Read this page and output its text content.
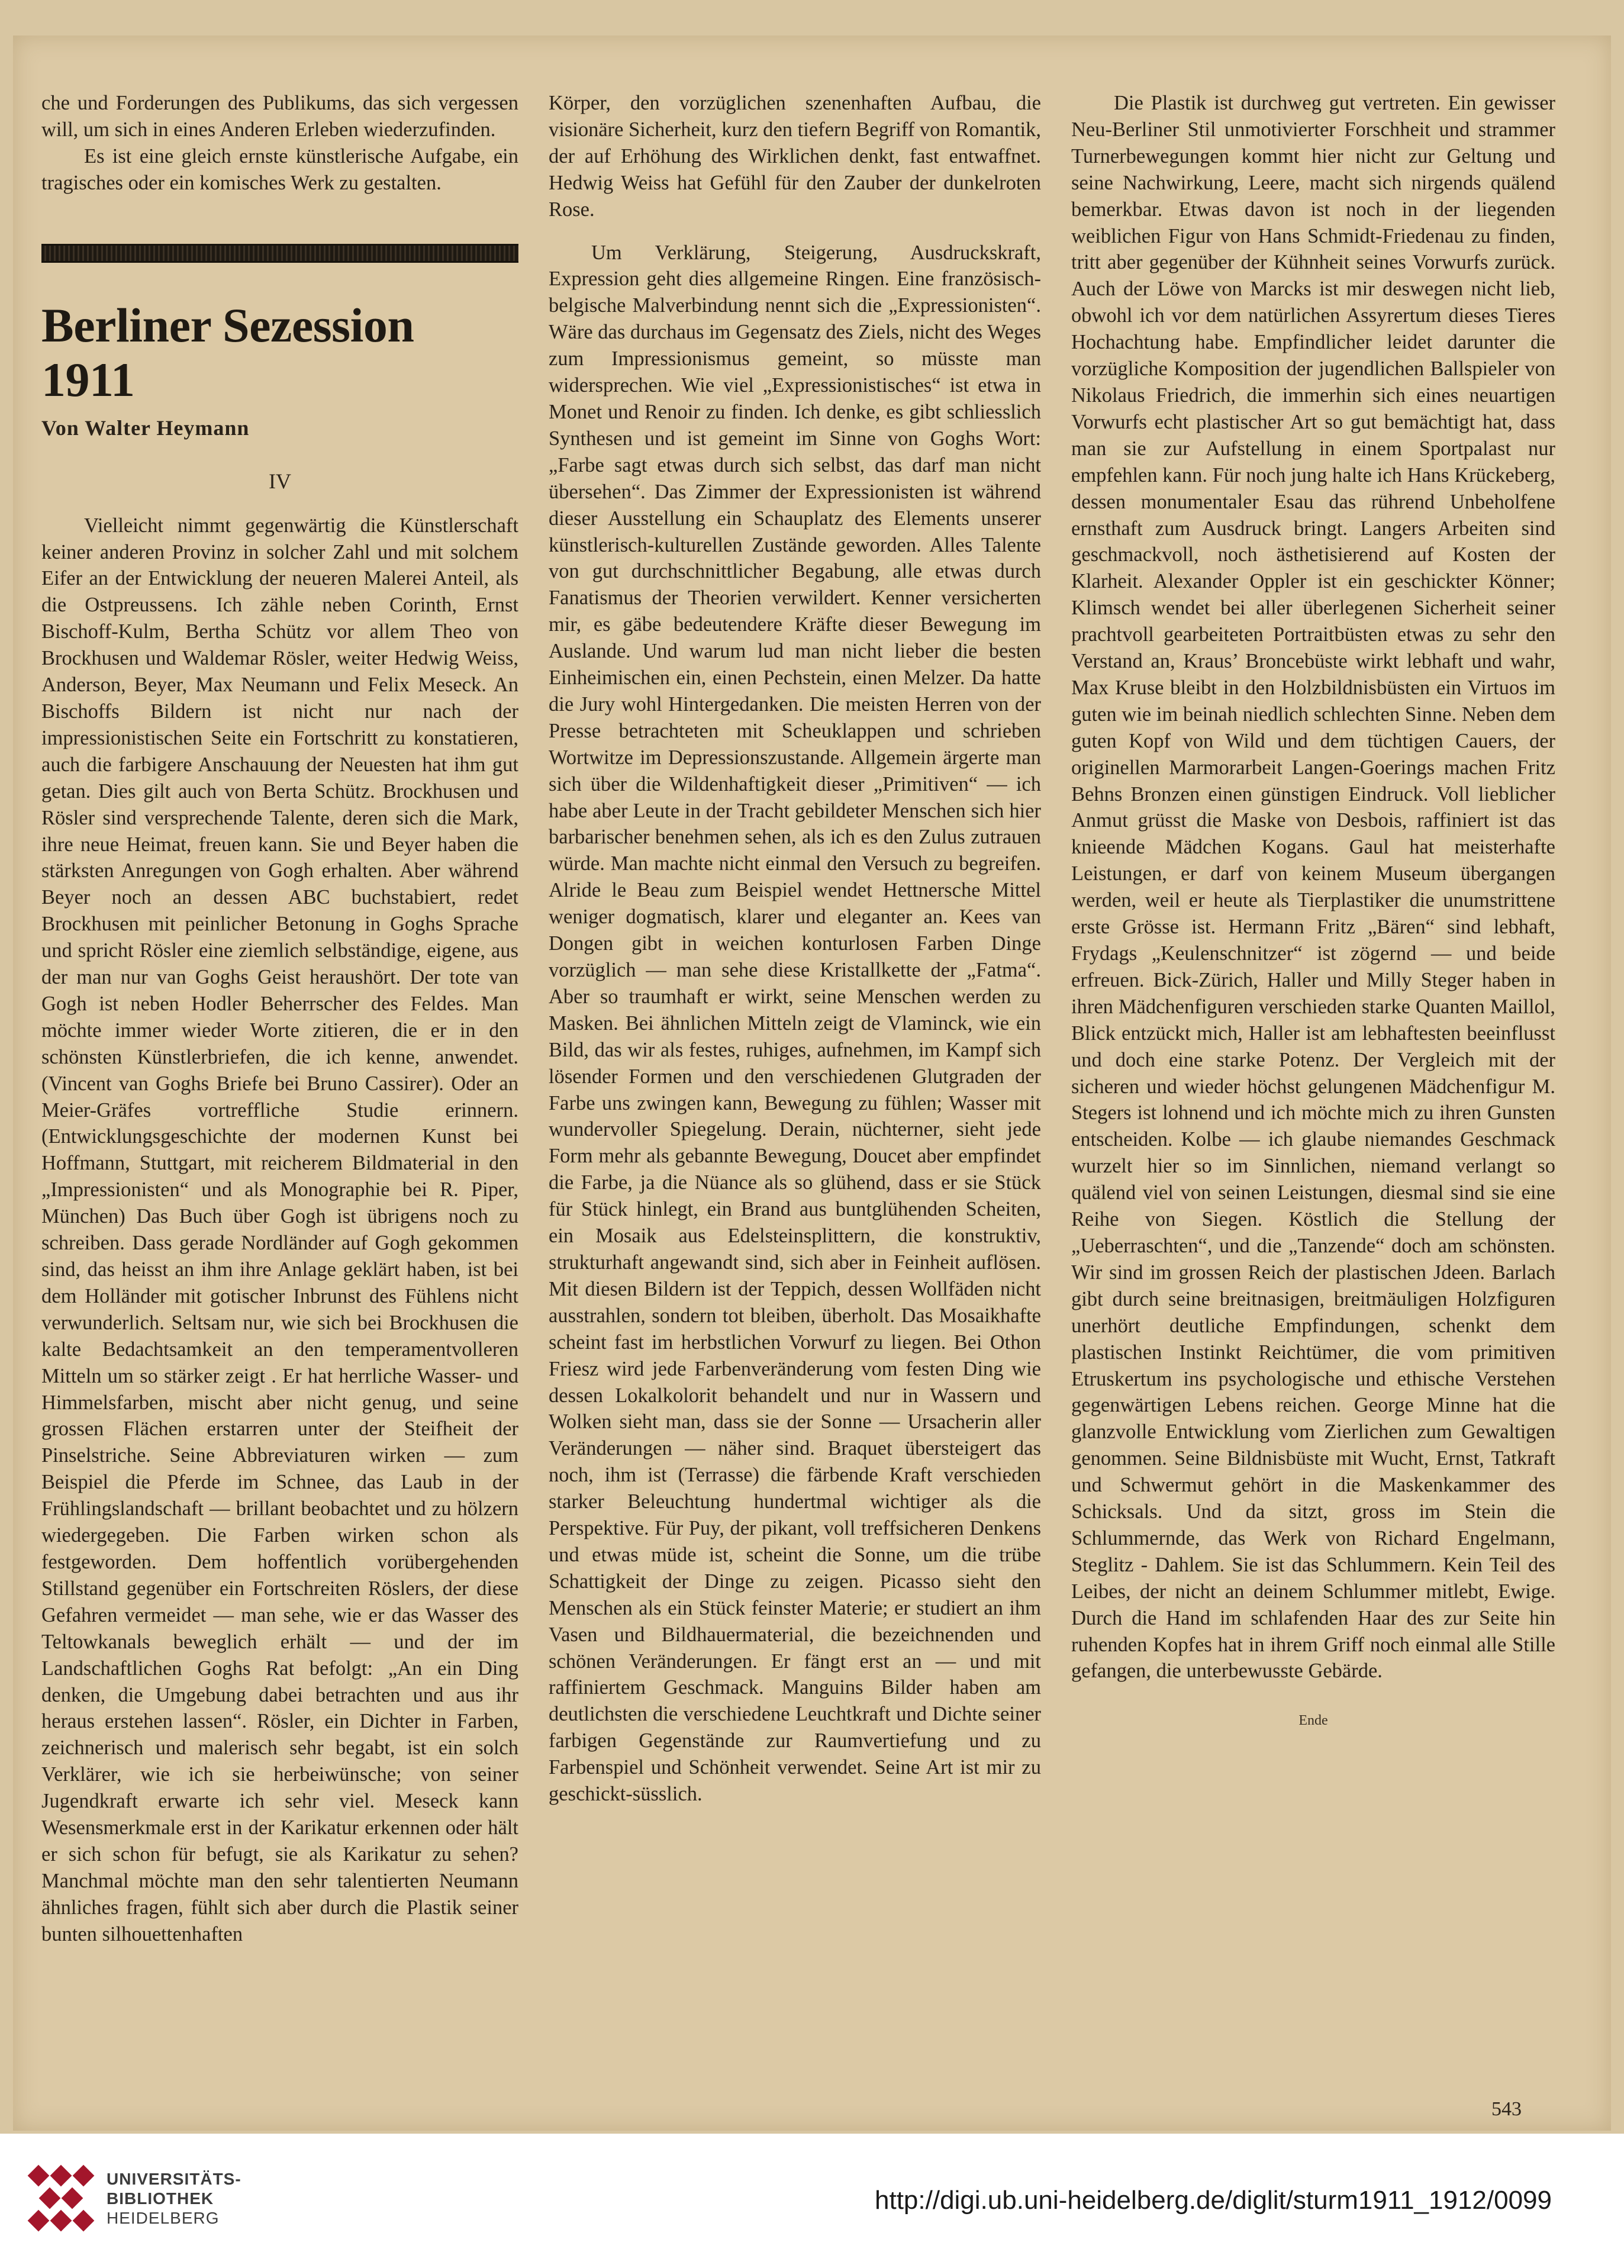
che und Forderungen des Publikums, das sich vergessen will, um sich in eines Anderen Erleben wiederzufinden.

Es ist eine gleich ernste künstlerische Aufgabe, ein tragisches oder ein komisches Werk zu gestalten.

Berliner Sezession 1911
Von Walter Heymann
IV

Vielleicht nimmt gegenwärtig die Künstlerschaft keiner anderen Provinz in solcher Zahl und mit solchem Eifer an der Entwicklung der neueren Malerei Anteil, als die Ostpreussens. Ich zähle neben Corinth, Ernst Bischoff-Kulm, Bertha Schütz vor allem Theo von Brockhusen und Waldemar Rösler, weiter Hedwig Weiss, Anderson, Beyer, Max Neumann und Felix Meseck. An Bischoffs Bildern ist nicht nur nach der impressionistischen Seite ein Fortschritt zu konstatieren, auch die farbigere Anschauung der Neuesten hat ihm gut getan. Dies gilt auch von Berta Schütz. Brockhusen und Rösler sind versprechende Talente, deren sich die Mark, ihre neue Heimat, freuen kann. Sie und Beyer haben die stärksten Anregungen von Gogh erhalten. Aber während Beyer noch an dessen ABC buchstabiert, redet Brockhusen mit peinlicher Betonung in Goghs Sprache und spricht Rösler eine ziemlich selbständige, eigene, aus der man nur van Goghs Geist heraushört. Der tote van Gogh ist neben Hodler Beherrscher des Feldes. Man möchte immer wieder Worte zitieren, die er in den schönsten Künstlerbriefen, die ich kenne, anwendet. (Vincent van Goghs Briefe bei Bruno Cassirer). Oder an Meier-Gräfes vortreffliche Studie erinnern. (Entwicklungsgeschichte der modernen Kunst bei Hoffmann, Stuttgart, mit reicherem Bildmaterial in den „Impressionisten“ und als Monographie bei R. Piper, München) Das Buch über Gogh ist übrigens noch zu schreiben. Dass gerade Nordländer auf Gogh gekommen sind, das heisst an ihm ihre Anlage geklärt haben, ist bei dem Holländer mit gotischer Inbrunst des Fühlens nicht verwunderlich. Seltsam nur, wie sich bei Brockhusen die kalte Bedachtsamkeit an den temperamentvolleren Mitteln um so stärker zeigt . Er hat herrliche Wasser- und Himmelsfarben, mischt aber nicht genug, und seine grossen Flächen erstarren unter der Steifheit der Pinselstriche. Seine Abbreviaturen wirken — zum Beispiel die Pferde im Schnee, das Laub in der Frühlingslandschaft — brillant beobachtet und zu hölzern wiedergegeben. Die Farben wirken schon als festgeworden. Dem hoffentlich vorübergehenden Stillstand gegenüber ein Fortschreiten Röslers, der diese Gefahren vermeidet — man sehe, wie er das Wasser des Teltowkanals beweglich erhält — und der im Landschaftlichen Goghs Rat befolgt: „An ein Ding denken, die Umgebung dabei betrachten und aus ihr heraus erstehen lassen“. Rösler, ein Dichter in Farben, zeichnerisch und malerisch sehr begabt, ist ein solch Verklärer, wie ich sie herbeiwünsche; von seiner Jugendkraft erwarte ich sehr viel. Meseck kann Wesensmerkmale erst in der Karikatur erkennen oder hält er sich schon für befugt, sie als Karikatur zu sehen? Manchmal möchte man den sehr talentierten Neumann ähnliches fragen, fühlt sich aber durch die Plastik seiner bunten silhouettenhaften

Körper, den vorzüglichen szenenhaften Aufbau, die visionäre Sicherheit, kurz den tiefern Begriff von Romantik, der auf Erhöhung des Wirklichen denkt, fast entwaffnet. Hedwig Weiss hat Gefühl für den Zauber der dunkelroten Rose.

Um Verklärung, Steigerung, Ausdruckskraft, Expression geht dies allgemeine Ringen. Eine französisch-belgische Malverbindung nennt sich die „Expressionisten“. Wäre das durchaus im Gegensatz des Ziels, nicht des Weges zum Impressionismus gemeint, so müsste man widersprechen. Wie viel „Expressionistisches“ ist etwa in Monet und Renoir zu finden. Ich denke, es gibt schliesslich Synthesen und ist gemeint im Sinne von Goghs Wort: „Farbe sagt etwas durch sich selbst, das darf man nicht übersehen“. Das Zimmer der Expressionisten ist während dieser Ausstellung ein Schauplatz des Elements unserer künstlerisch-kulturellen Zustände geworden. Alles Talente von gut durchschnittlicher Begabung, alle etwas durch Fanatismus der Theorien verwildert. Kenner versicherten mir, es gäbe bedeutendere Kräfte dieser Bewegung im Auslande. Und warum lud man nicht lieber die besten Einheimischen ein, einen Pechstein, einen Melzer. Da hatte die Jury wohl Hintergedanken. Die meisten Herren von der Presse betrachteten mit Scheuklappen und schrieben Wortwitze im Depressionszustande. Allgemein ärgerte man sich über die Wildenhaftigkeit dieser „Primitiven“ — ich habe aber Leute in der Tracht gebildeter Menschen sich hier barbarischer benehmen sehen, als ich es den Zulus zutrauen würde. Man machte nicht einmal den Versuch zu begreifen. Alride le Beau zum Beispiel wendet Hettnersche Mittel weniger dogmatisch, klarer und eleganter an. Kees van Dongen gibt in weichen konturlosen Farben Dinge vorzüglich — man sehe diese Kristallkette der „Fatma“. Aber so traumhaft er wirkt, seine Menschen werden zu Masken. Bei ähnlichen Mitteln zeigt de Vlaminck, wie ein Bild, das wir als festes, ruhiges, aufnehmen, im Kampf sich lösender Formen und den verschiedenen Glutgraden der Farbe uns zwingen kann, Bewegung zu fühlen; Wasser mit wundervoller Spiegelung. Derain, nüchterner, sieht jede Form mehr als gebannte Bewegung, Doucet aber empfindet die Farbe, ja die Nüance als so glühend, dass er sie Stück für Stück hinlegt, ein Brand aus buntglühenden Scheiten, ein Mosaik aus Edelsteinsplittern, die konstruktiv, strukturhaft angewandt sind, sich aber in Feinheit auflösen. Mit diesen Bildern ist der Teppich, dessen Wollfäden nicht ausstrahlen, sondern tot bleiben, überholt. Das Mosaikhafte scheint fast im herbstlichen Vorwurf zu liegen. Bei Othon Friesz wird jede Farbenveränderung vom festen Ding wie dessen Lokalkolorit behandelt und nur in Wassern und Wolken sieht man, dass sie der Sonne — Ursacherin aller Veränderungen — näher sind. Braquet übersteigert das noch, ihm ist (Terrasse) die färbende Kraft verschieden starker Beleuchtung hundertmal wichtiger als die Perspektive. Für Puy, der pikant, voll treffsicheren Denkens und etwas müde ist, scheint die Sonne, um die trübe Schattigkeit der Dinge zu zeigen. Picasso sieht den Menschen als ein Stück feinster Materie; er studiert an ihm Vasen und Bildhauermaterial, die bezeichnenden und schönen Veränderungen. Er fängt erst an — und mit raffiniertem Geschmack. Manguins Bilder haben am deutlichsten die verschiedene Leuchtkraft und Dichte seiner farbigen Gegenstände zur Raumvertiefung und zu Farbenspiel und Schönheit verwendet. Seine Art ist mir zu geschickt-süsslich.

Die Plastik ist durchweg gut vertreten. Ein gewisser Neu-Berliner Stil unmotivierter Forschheit und strammer Turnerbewegungen kommt hier nicht zur Geltung und seine Nachwirkung, Leere, macht sich nirgends quälend bemerkbar. Etwas davon ist noch in der liegenden weiblichen Figur von Hans Schmidt-Friedenau zu finden, tritt aber gegenüber der Kühnheit seines Vorwurfs zurück. Auch der Löwe von Marcks ist mir deswegen nicht lieb, obwohl ich vor dem natürlichen Assyrertum dieses Tieres Hochachtung habe. Empfindlicher leidet darunter die vorzügliche Komposition der jugendlichen Ballspieler von Nikolaus Friedrich, die immerhin sich eines neuartigen Vorwurfs echt plastischer Art so gut bemächtigt hat, dass man sie zur Aufstellung in einem Sportpalast nur empfehlen kann. Für noch jung halte ich Hans Krückeberg, dessen monumentaler Esau das rührend Unbeholfene ernsthaft zum Ausdruck bringt. Langers Arbeiten sind geschmackvoll, noch ästhetisierend auf Kosten der Klarheit. Alexander Oppler ist ein geschickter Könner; Klimsch wendet bei aller überlegenen Sicherheit seiner prachtvoll gearbeiteten Portraitbüsten etwas zu sehr den Verstand an, Kraus’ Broncebüste wirkt lebhaft und wahr, Max Kruse bleibt in den Holzbildnisbüsten ein Virtuos im guten wie im beinah niedlich schlechten Sinne. Neben dem guten Kopf von Wild und dem tüchtigen Cauers, der originellen Marmorarbeit Langen-Goerings machen Fritz Behns Bronzen einen günstigen Eindruck. Voll lieblicher Anmut grüsst die Maske von Desbois, raffiniert ist das knieende Mädchen Kogans. Gaul hat meisterhafte Leistungen, er darf von keinem Museum übergangen werden, weil er heute als Tierplastiker die unumstrittene erste Grösse ist. Hermann Fritz „Bären“ sind lebhaft, Frydags „Keulenschnitzer“ ist zögernd — und beide erfreuen. Bick-Zürich, Haller und Milly Steger haben in ihren Mädchenfiguren verschieden starke Quanten Maillol, Blick entzückt mich, Haller ist am lebhaftesten beeinflusst und doch eine starke Potenz. Der Vergleich mit der sicheren und wieder höchst gelungenen Mädchenfigur M. Stegers ist lohnend und ich möchte mich zu ihren Gunsten entscheiden. Kolbe — ich glaube niemandes Geschmack wurzelt hier so im Sinnlichen, niemand verlangt so quälend viel von seinen Leistungen, diesmal sind sie eine Reihe von Siegen. Köstlich die Stellung der „Ueberraschten“, und die „Tanzende“ doch am schönsten. Wir sind im grossen Reich der plastischen Jdeen. Barlach gibt durch seine breitnasigen, breitmäuligen Holzfiguren unerhört deutliche Empfindungen, schenkt dem plastischen Instinkt Reichtümer, die vom primitiven Etruskertum ins psychologische und ethische Verstehen gegenwärtigen Lebens reichen. George Minne hat die glanzvolle Entwicklung vom Zierlichen zum Gewaltigen genommen. Seine Bildnisbüste mit Wucht, Ernst, Tatkraft und Schwermut gehört in die Maskenkammer des Schicksals. Und da sitzt, gross im Stein die Schlummernde, das Werk von Richard Engelmann, Steglitz - Dahlem. Sie ist das Schlummern. Kein Teil des Leibes, der nicht an deinem Schlummer mitlebt, Ewige. Durch die Hand im schlafenden Haar des zur Seite hin ruhenden Kopfes hat in ihrem Griff noch einmal alle Stille gefangen, die unterbewusste Gebärde.

Ende
543
UNIVERSITÄTS-
BIBLIOTHEK
HEIDELBERG
http://digi.ub.uni-heidelberg.de/diglit/sturm1911_1912/0099
